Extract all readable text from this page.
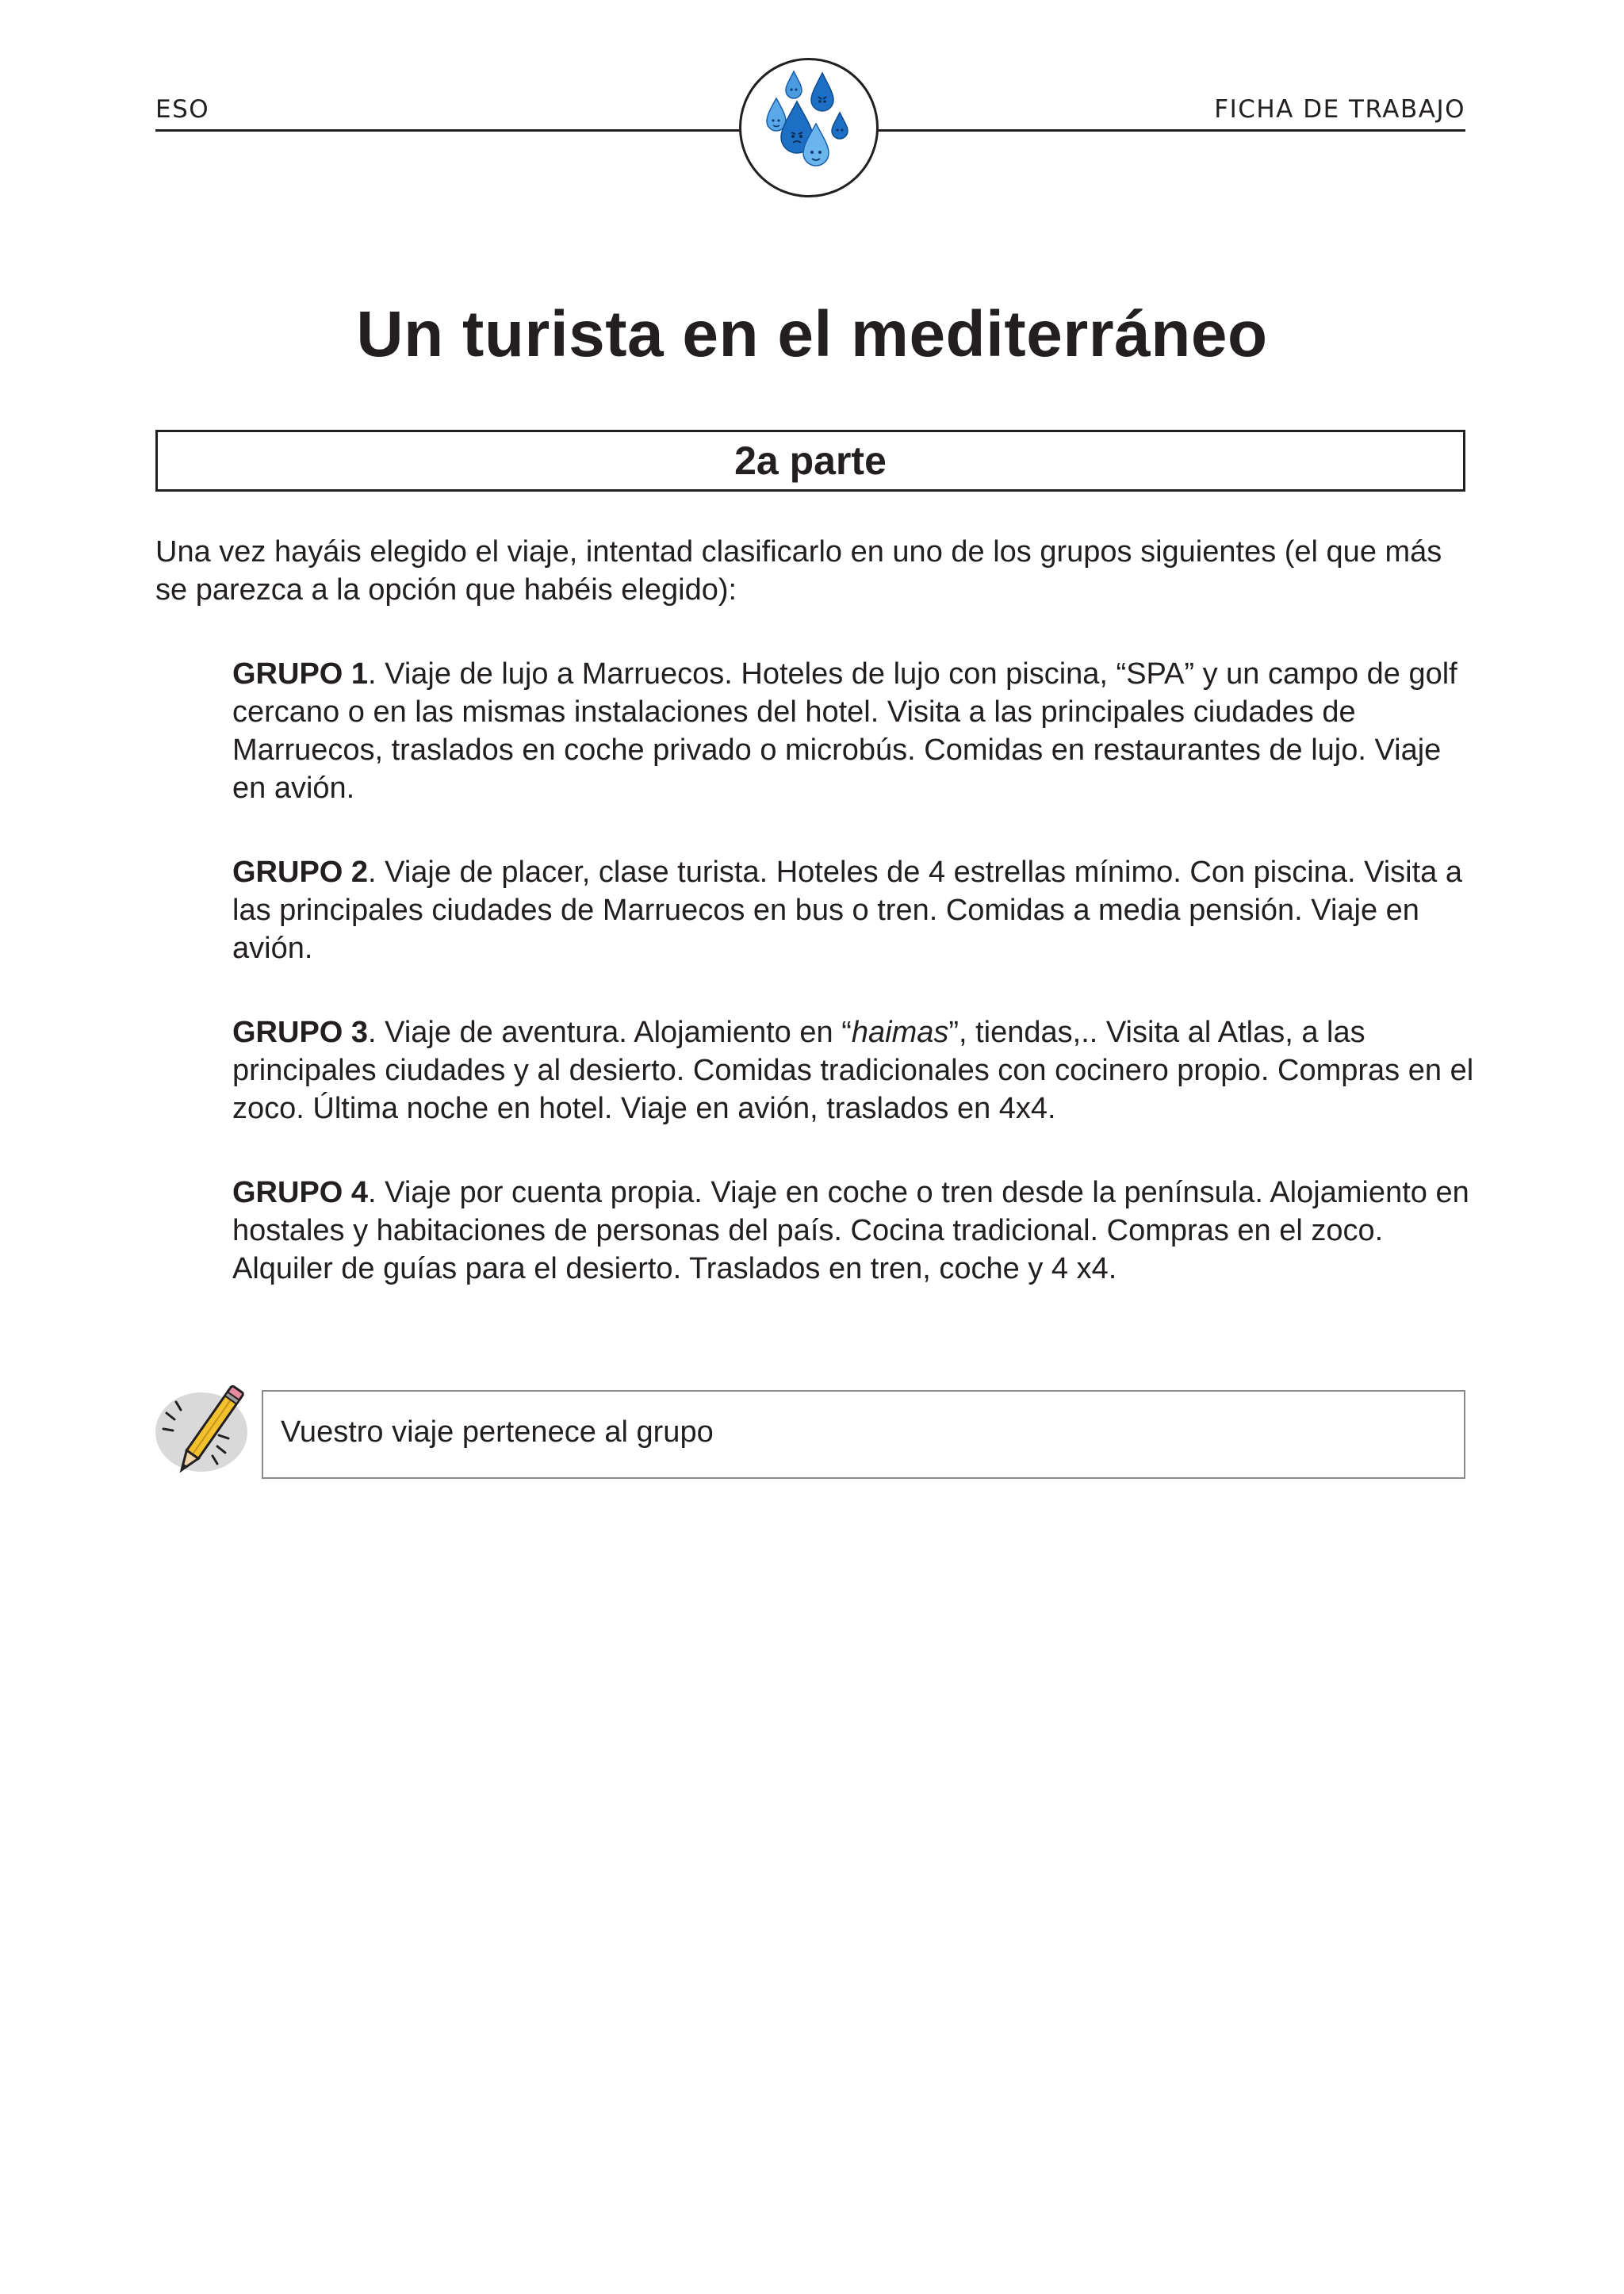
ESO	FICHA DE TRABAJO
Un turista en el mediterráneo
2a parte
Una vez hayáis elegido el viaje, intentad clasificarlo en uno de los grupos siguientes (el que más se parezca a la opción que habéis elegido):
GRUPO 1. Viaje de lujo a Marruecos. Hoteles de lujo con piscina, “SPA” y un campo de golf cercano o en las mismas instalaciones del hotel. Visita a las principales ciudades de Marruecos, traslados en coche privado o microbús. Comidas en restaurantes de lujo. Viaje en avión.
GRUPO 2. Viaje de placer, clase turista. Hoteles de 4 estrellas mínimo. Con piscina. Visita a las principales ciudades de Marruecos en bus o tren. Comidas a media pensión. Viaje en avión.
GRUPO 3. Viaje de aventura. Alojamiento en “haimas”, tiendas,.. Visita al Atlas, a las principales ciudades y al desierto. Comidas tradicionales con cocinero propio. Compras en el zoco. Última noche en hotel. Viaje en avión, traslados en 4x4.
GRUPO 4. Viaje por cuenta propia. Viaje en coche o tren desde la península. Alojamiento en hostales y habitaciones de personas del país. Cocina tradicional. Compras en el zoco. Alquiler de guías para el desierto. Traslados en tren, coche y 4 x4.
Vuestro viaje pertenece al grupo
